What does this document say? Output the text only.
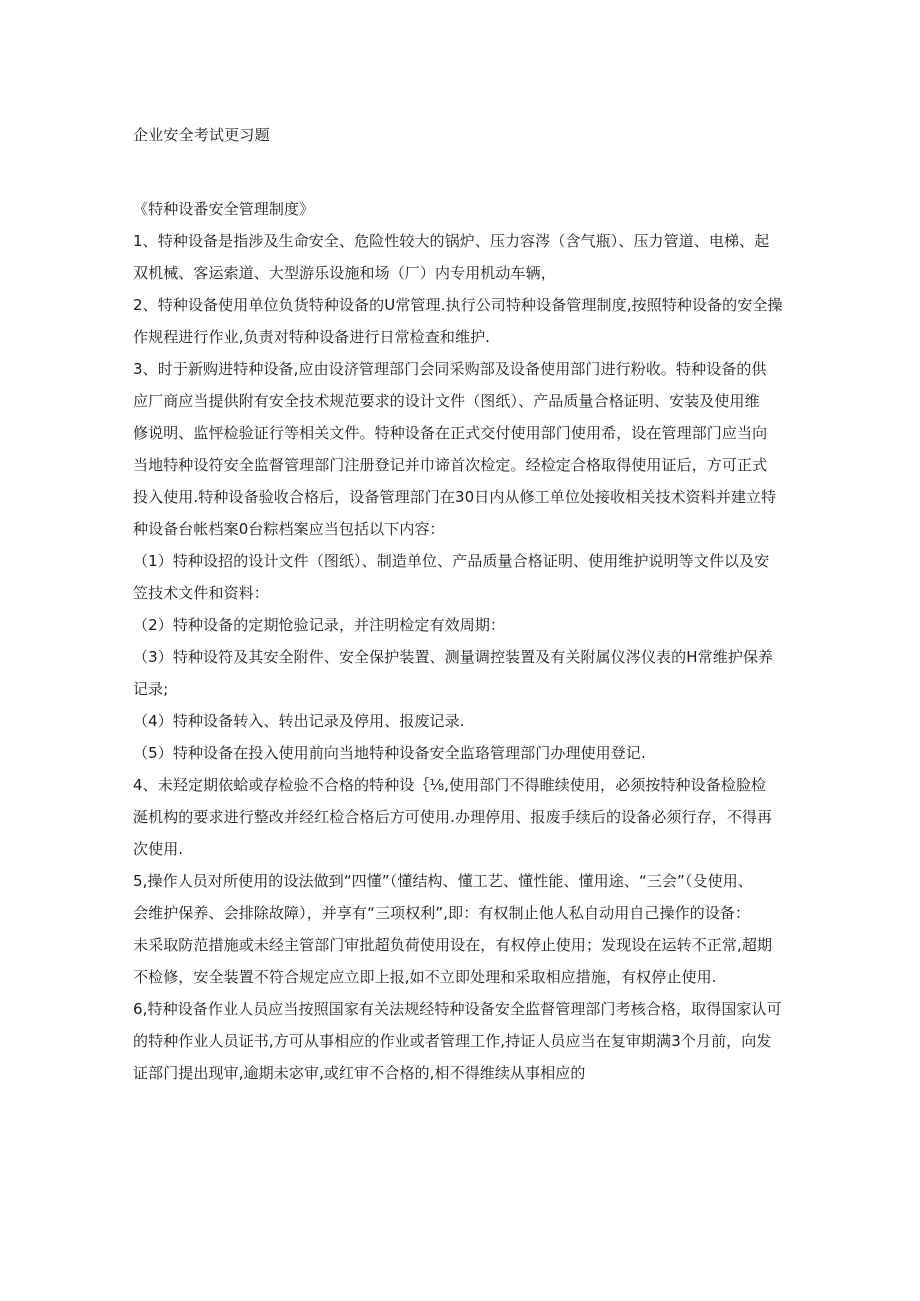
企业安全考试更习题
《特种设番安全管理制度》
1、特种设备是指涉及生命安全、危险性较大的锅炉、压力容涔（含气瓶）、压力管道、电梯、起
双机械、客运索道、大型游乐设施和场（厂）内专用机动车辆，
2、特种设备使用单位负货特种设备的U常管理.执行公司特种设备管理制度,按照特种设备的安全操
作规程进行作业,负责对特种设备进行日常检查和维护.
3、时于新购进特种设备,应由设济管理部门会同采购部及设备使用部门进行粉收。特种设备的供
应厂商应当提供附有安全技术规范要求的设计文件（图纸）、产品质量合格证明、安装及使用维
修说明、监怦检验证行等相关文件。特种设备在正式交付使用部门使用希，设在管理部门应当向
当地特种设符安全监督管理部门注册登记并巾谛首次检定。经检定合格取得使用证后，方可正式
投入使用.特种设备验收合格后，设备管理部门在30日内从修工单位处接收相关技术资料并建立特
种设备台帐档案0台粽档案应当包括以下内容：
（1）特种设招的设计文件（图纸）、制造单位、产品质量合格证明、使用维护说明等文件以及安
笠技术文件和资料：
（2）特种设备的定期怆验记录，并注明检定有效周期：
（3）特种设符及其安全附件、安全保护装置、测量调控装置及有关附属仪涔仪表的H常维护保养
记录;
（4）特种设备转入、转出记录及停用、报废记录.
（5）特种设备在投入使用前向当地特种设备安全监珞管理部门办理使用登记.
4、未羟定期依蛤或存检验不合格的特种设｛⅛,使用部门不得睢续使用，必须按特种设备检脸检
涎机构的要求进行整改并经红检合格后方可使用.办理停用、报废手续后的设备必须行存，不得再
次使用.
5,操作人员对所使用的设法做到“四懂”（懂结构、懂工艺、懂性能、懂用途、“三会”（殳使用、
会维护保养、会排除故障），并享有“三项权利”,即：有权制止他人私自动用自己操作的设备：
未采取防范措施或未经主管部门审批超负荷使用设在，有权停止使用；发现设在运转不正常,超期
不检修，安全装置不符合规定应立即上报,如不立即处理和采取相应措施，有权停止使用.
6,特种设备作业人员应当按照国家有关法规经特种设备安全监督管理部门考核合格，取得国家认可
的特种作业人员证书,方可从事相应的作业或者管理工作,持证人员应当在复审期满3个月前，向发
证部门提出现审,逾期未宓审,或红审不合格的,相不得维续从事相应的
